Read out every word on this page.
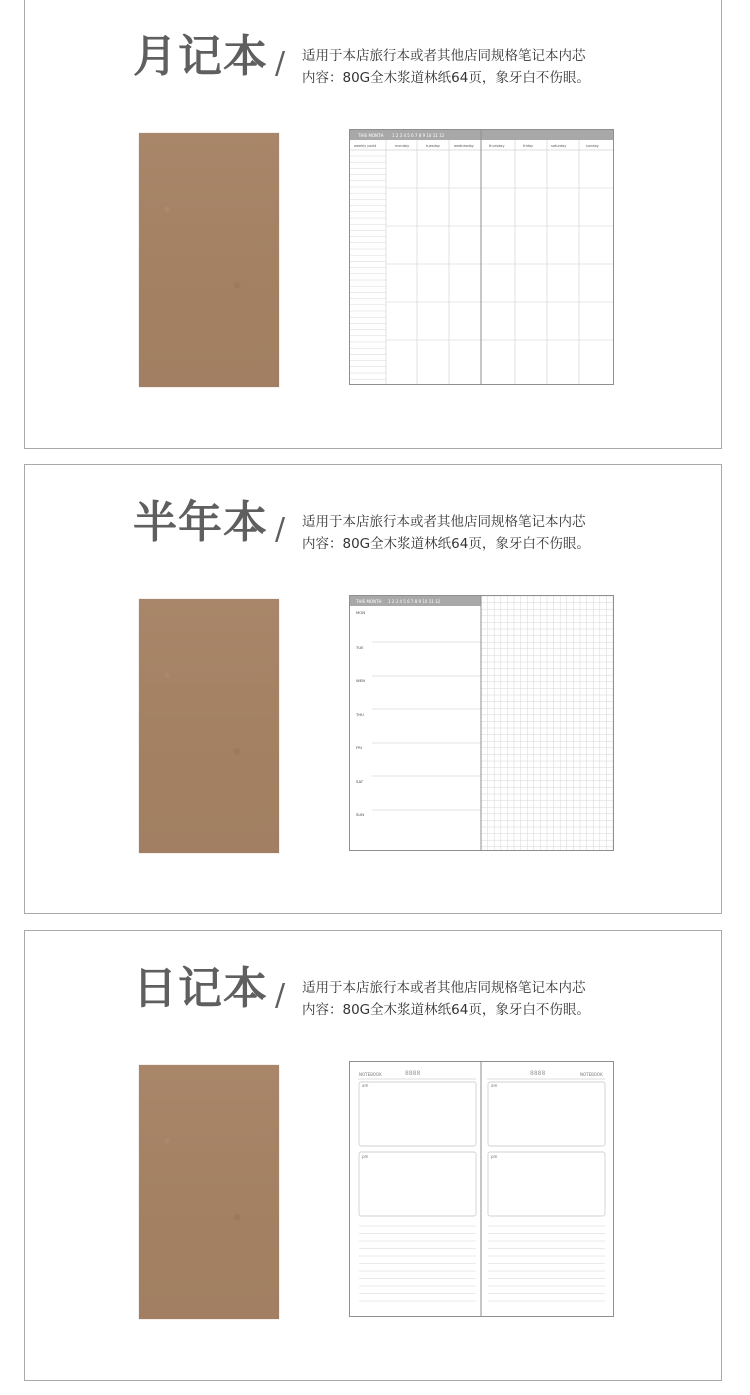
月记本 / 适用于本店旅行本或者其他店同规格笔记本内芯
内容：80G全木浆道林纸64页，象牙白不伤眼。
THIS MONTH 1 2 3 4 5 6 7 8 9 10 11 12
weekly point	monday	tuesday	wednesday	thursday	friday	saturday	sunday
半年本 / 适用于本店旅行本或者其他店同规格笔记本内芯
内容：80G全木浆道林纸64页，象牙白不伤眼。
THIS MONTH 1 2 3 4 5 6 7 8 9 10 11 12
MON
TUE
WEN
THU
FRI
SAT
SUN
日记本 / 适用于本店旅行本或者其他店同规格笔记本内芯
内容：80G全木浆道林纸64页，象牙白不伤眼。
NOTEBOOK	8888	8888	NOTEBOOK
am	am
pm	pm
